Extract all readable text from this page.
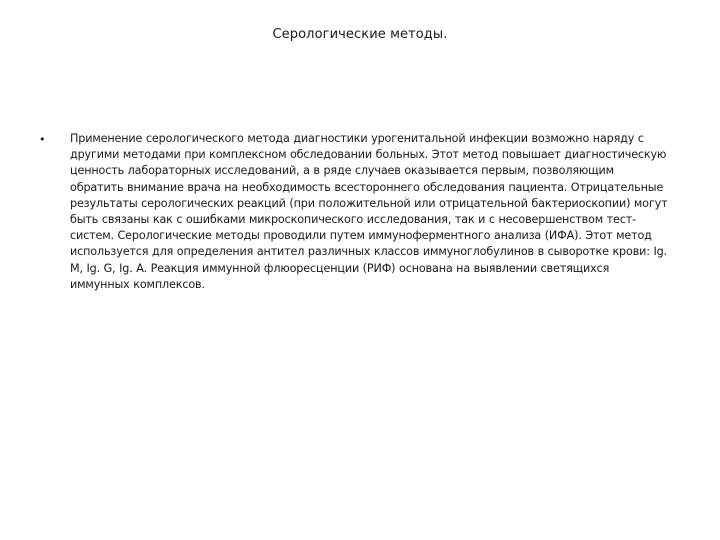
Серологические методы.
•	Применение серологического метода диагностики урогенитальной инфекции возможно наряду с другими методами при комплексном обследовании больных. Этот метод повышает диагностическую ценность лабораторных исследований, а в ряде случаев оказывается первым, позволяющим обратить внимание врача на необходимость всестороннего обследования пациента. Отрицательные результаты серологических реакций (при положительной или отрицательной бактериоскопии) могут быть связаны как с ошибками микроскопического исследования, так и с несовершенством тест-систем. Серологические методы проводили путем иммуноферментного анализа (ИФА). Этот метод используется для определения антител различных классов иммуноглобулинов в сыворотке крови: Ig. M, Ig. G, Ig. A. Реакция иммунной флюоресценции (РИФ) основана на выявлении светящихся иммунных комплексов.
